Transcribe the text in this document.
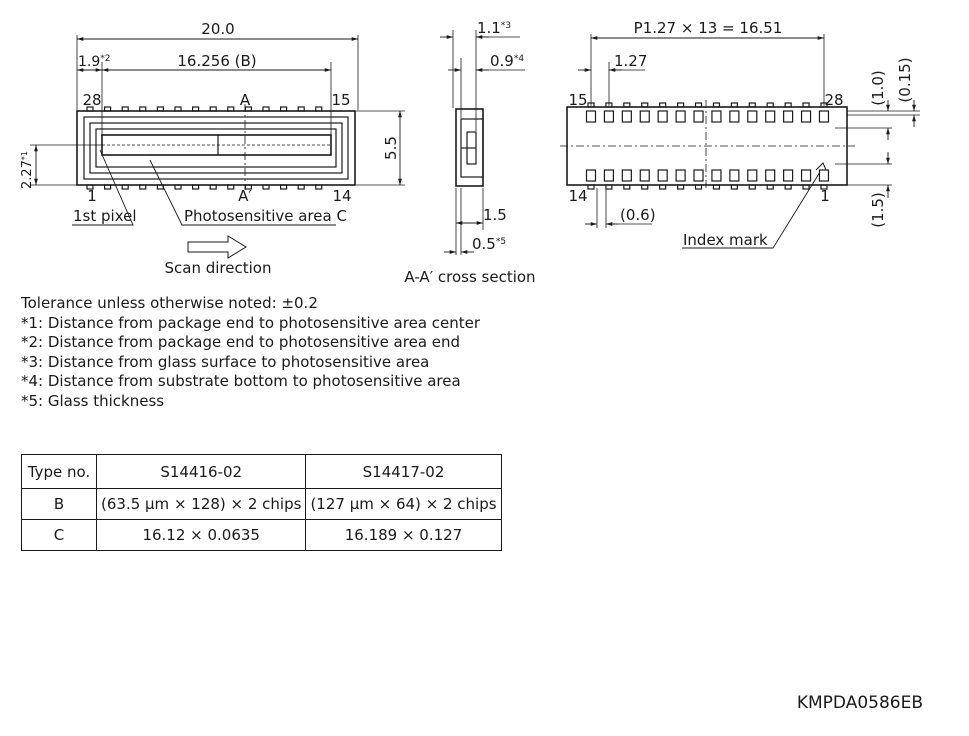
20.0
1.9$^{*2}$	16.256 (B)
28	15
A
1	14
A′
5.5
2.27$^{*1}$
1st pixel	Photosensitive area C
Scan direction
1.1$^{*3}$
0.9$^{*4}$
1.5
0.5$^{*5}$
A-A′ cross section
P1.27 × 13 = 16.51
1.27
15	28
14	1
(0.6)
(1.0) (0.15)
(1.5)
Index mark
Tolerance unless otherwise noted: ±0.2
*1: Distance from package end to photosensitive area center
*2: Distance from package end to photosensitive area end
*3: Distance from glass surface to photosensitive area
*4: Distance from substrate bottom to photosensitive area
*5: Glass thickness
Type no.	S14416-02	S14417-02
B	(63.5 µm × 128) × 2 chips	(127 µm × 64) × 2 chips
C	16.12 × 0.0635	16.189 × 0.127
KMPDA0586EB
